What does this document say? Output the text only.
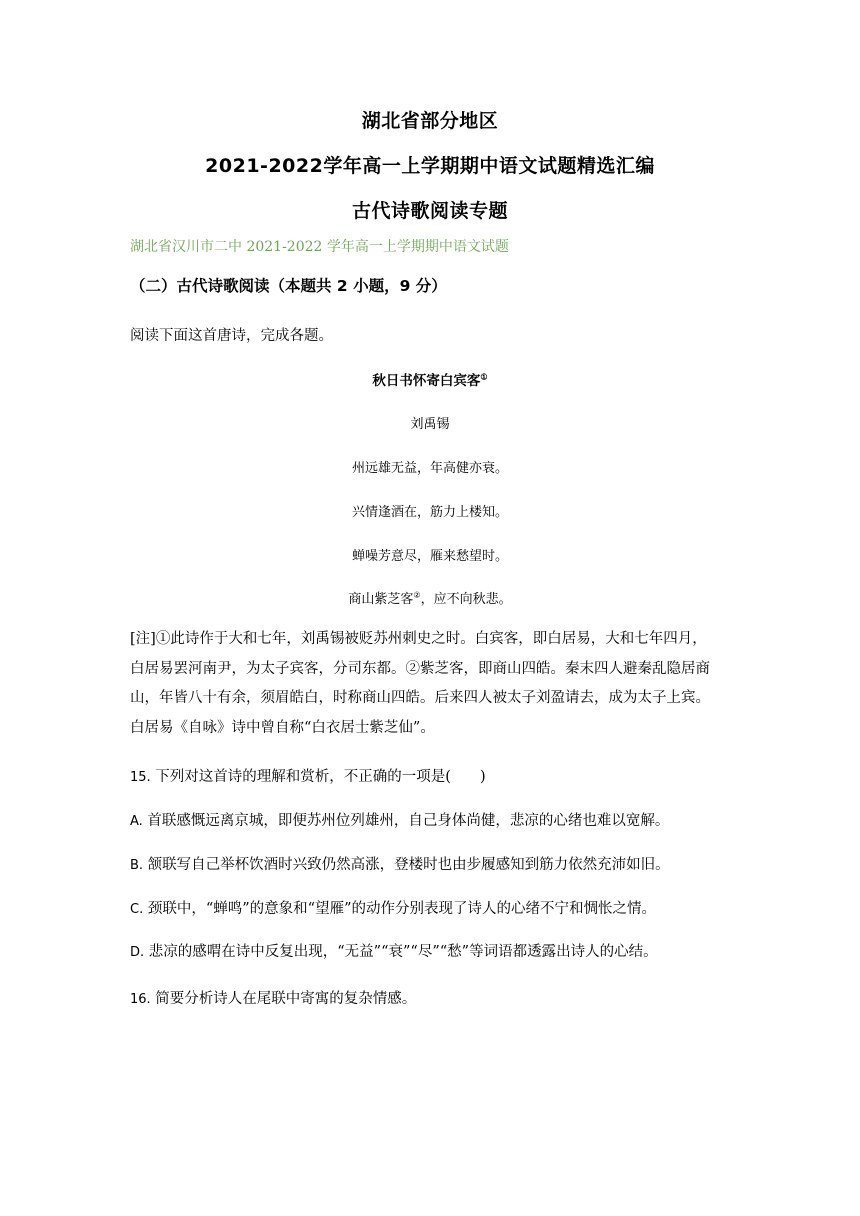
湖北省部分地区
2021-2022学年高一上学期期中语文试题精选汇编
古代诗歌阅读专题
湖北省汉川市二中 2021-2022 学年高一上学期期中语文试题
（二）古代诗歌阅读（本题共 2 小题，9 分）
阅读下面这首唐诗，完成各题。
秋日书怀寄白宾客①
刘禹锡
州远雄无益，年高健亦衰。
兴情逢酒在，筋力上楼知。
蝉噪芳意尽，雁来愁望时。
商山紫芝客②，应不向秋悲。

[注]①此诗作于大和七年，刘禹锡被贬苏州刺史之时。白宾客，即白居易，大和七年四月，

白居易罢河南尹，为太子宾客，分司东都。②紫芝客，即商山四皓。秦末四人避秦乱隐居商

山，年皆八十有余，须眉皓白，时称商山四皓。后来四人被太子刘盈请去，成为太子上宾。

白居易《自咏》诗中曾自称“白衣居士紫芝仙”。

15. 下列对这首诗的理解和赏析，不正确的一项是(　　)
A. 首联感慨远离京城，即便苏州位列雄州，自己身体尚健，悲凉的心绪也难以宽解。
B. 颔联写自己举杯饮酒时兴致仍然高涨，登楼时也由步履感知到筋力依然充沛如旧。
C. 颈联中，“蝉鸣”的意象和“望雁”的动作分别表现了诗人的心绪不宁和惆怅之情。
D. 悲凉的感喟在诗中反复出现，“无益”“衰”“尽”“愁”等词语都透露出诗人的心结。
16. 简要分析诗人在尾联中寄寓的复杂情感。
